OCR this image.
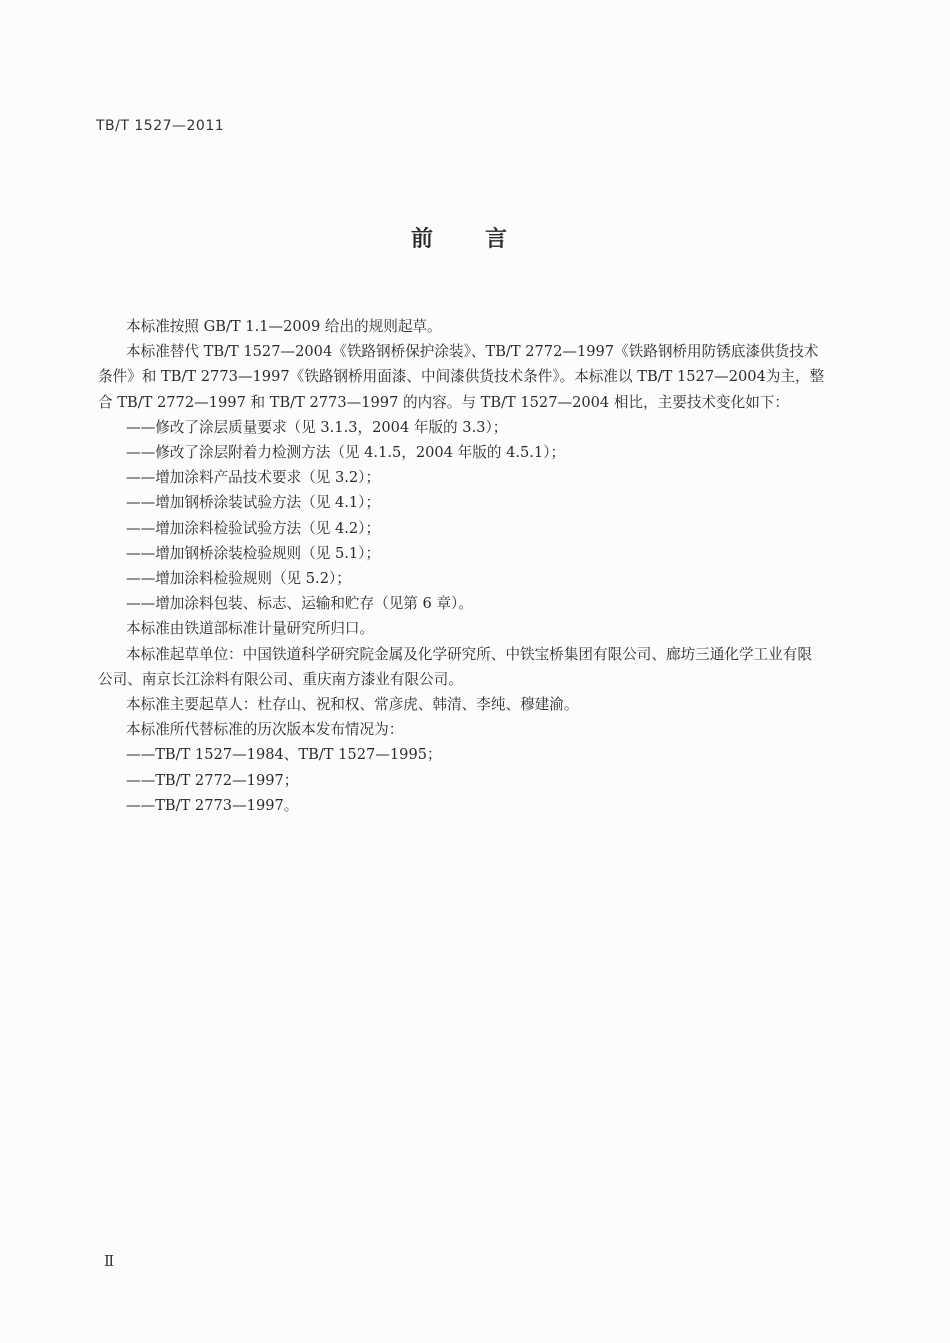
TB/T 1527—2011
前言

本标准按照 GB/T 1.1—2009 给出的规则起草。

本标准替代 TB/T 1527—2004《铁路钢桥保护涂装》、TB/T 2772—1997《铁路钢桥用防锈底漆供货技术条件》和 TB/T 2773—1997《铁路钢桥用面漆、中间漆供货技术条件》。本标准以 TB/T 1527—2004为主，整合 TB/T 2772—1997 和 TB/T 2773—1997 的内容。与 TB/T 1527—2004 相比，主要技术变化如下：

——修改了涂层质量要求（见 3.1.3，2004 年版的 3.3）；

——修改了涂层附着力检测方法（见 4.1.5，2004 年版的 4.5.1）；

——增加涂料产品技术要求（见 3.2）；

——增加钢桥涂装试验方法（见 4.1）；

——增加涂料检验试验方法（见 4.2）；

——增加钢桥涂装检验规则（见 5.1）；

——增加涂料检验规则（见 5.2）；

——增加涂料包装、标志、运输和贮存（见第 6 章）。

本标准由铁道部标准计量研究所归口。

本标准起草单位：中国铁道科学研究院金属及化学研究所、中铁宝桥集团有限公司、廊坊三通化学工业有限公司、南京长江涂料有限公司、重庆南方漆业有限公司。

本标准主要起草人：杜存山、祝和权、常彦虎、韩清、李纯、穆建渝。

本标准所代替标准的历次版本发布情况为：

——TB/T 1527—1984、TB/T 1527—1995；

——TB/T 2772—1997；

——TB/T 2773—1997。

Ⅱ
